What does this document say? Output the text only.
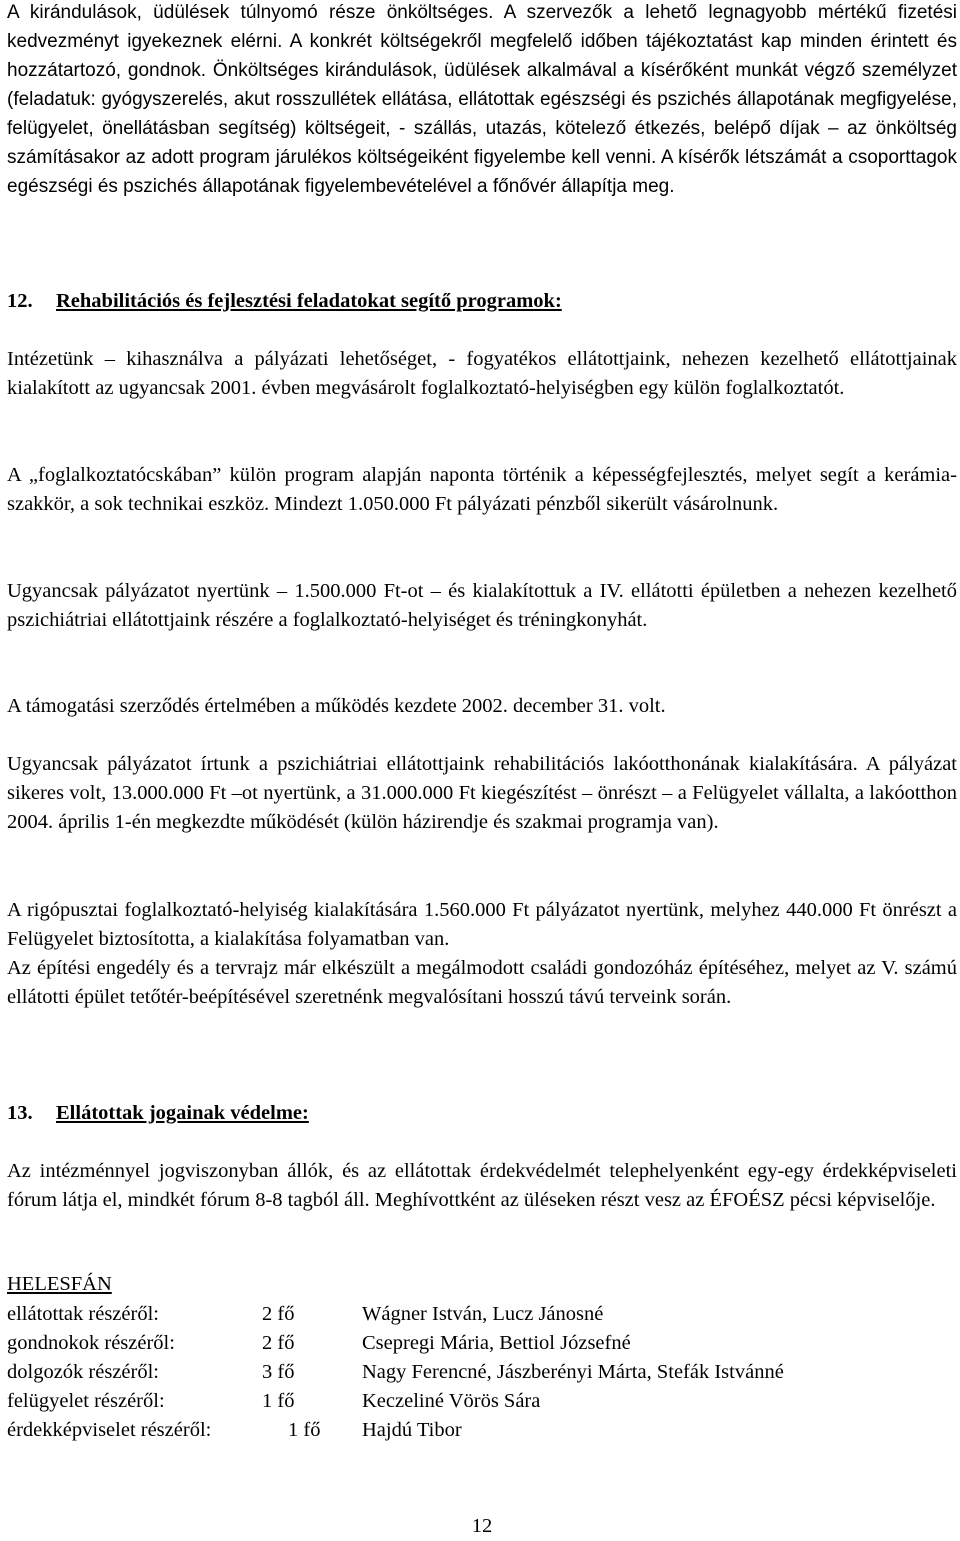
A kirándulások, üdülések túlnyomó része önköltséges. A szervezők a lehető legnagyobb mértékű fizetési kedvezményt igyekeznek elérni. A konkrét költségekről megfelelő időben tájékoztatást kap minden érintett és hozzátartozó, gondnok. Önköltséges kirándulások, üdülések alkalmával a kísérőként munkát végző személyzet (feladatuk: gyógyszerelés, akut rosszullétek ellátása, ellátottak egészségi és pszichés állapotának megfigyelése, felügyelet, önellátásban segítség) költségeit, - szállás, utazás, kötelező étkezés, belépő díjak – az önköltség számításakor az adott program járulékos költségeiként figyelembe kell venni. A kísérők létszámát a csoporttagok egészségi és pszichés állapotának figyelembevételével a főnővér állapítja meg.

12. Rehabilitációs és fejlesztési feladatokat segítő programok:

Intézetünk – kihasználva a pályázati lehetőséget, - fogyatékos ellátottjaink, nehezen kezelhető ellátottjainak kialakított az ugyancsak 2001. évben megvásárolt foglalkoztató-helyiségben egy külön foglalkoztatót.

A „foglalkoztatócskában” külön program alapján naponta történik a képességfejlesztés, melyet segít a kerámia-szakkör, a sok technikai eszköz. Mindezt 1.050.000 Ft pályázati pénzből sikerült vásárolnunk.

Ugyancsak pályázatot nyertünk – 1.500.000 Ft-ot – és kialakítottuk a IV. ellátotti épületben a nehezen kezelhető pszichiátriai ellátottjaink részére a foglalkoztató-helyiséget és tréningkonyhát.

A támogatási szerződés értelmében a működés kezdete 2002. december 31. volt.

Ugyancsak pályázatot írtunk a pszichiátriai ellátottjaink rehabilitációs lakóotthonának kialakítására. A pályázat sikeres volt, 13.000.000 Ft –ot nyertünk, a 31.000.000 Ft kiegészítést – önrészt – a Felügyelet vállalta, a lakóotthon 2004. április 1-én megkezdte működését (külön házirendje és szakmai programja van).

A rigópusztai foglalkoztató-helyiség kialakítására 1.560.000 Ft pályázatot nyertünk, melyhez 440.000 Ft önrészt a Felügyelet biztosította, a kialakítása folyamatban van.

Az építési engedély és a tervrajz már elkészült a megálmodott családi gondozóház építéséhez, melyet az V. számú ellátotti épület tetőtér-beépítésével szeretnénk megvalósítani hosszú távú terveink során.

13. Ellátottak jogainak védelme:

Az intézménnyel jogviszonyban állók, és az ellátottak érdekvédelmét telephelyenként egy-egy érdekképviseleti fórum látja el, mindkét fórum 8-8 tagból áll. Meghívottként az üléseken részt vesz az ÉFOÉSZ pécsi képviselője.

HELESFÁN
ellátottak részéről:	2 fő	Wágner István, Lucz Jánosné
gondnokok részéről:	2 fő	Csepregi Mária, Bettiol Józsefné
dolgozók részéről:	3 fő	Nagy Ferencné, Jászberényi Márta, Stefák Istvánné
felügyelet részéről:	1 fő	Keczeliné Vörös Sára
érdekképviselet részéről:	1 fő Hajdú Tibor
12
